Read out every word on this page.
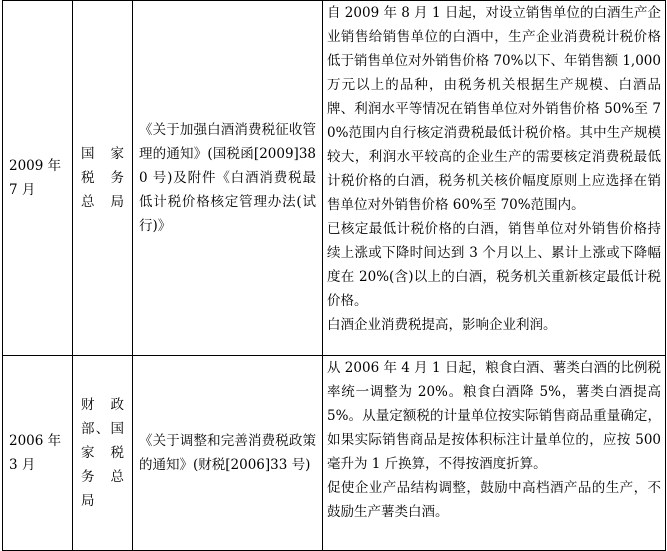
2009 年 7 月	国 家 税 务 总局	《关于加强白酒消费税征收管理的通知》(国税函[2009]380 号)及附件《白酒消费税最低计税价格核定管理办法(试行)》	自 2009 年 8 月 1 日起，对设立销售单位的白酒生产企业销售给销售单位的白酒中，生产企业消费税计税价格低于销售单位对外销售价格 70%以下、年销售额 1,000 万元以上的品种，由税务机关根据生产规模、白酒品牌、利润水平等情况在销售单位对外销售价格 50%至 70%范围内自行核定消费税最低计税价格。其中生产规模较大，利润水平较高的企业生产的需要核定消费税最低计税价格的白酒，税务机关核价幅度原则上应选择在销售单位对外销售价格 60%至 70%范围内。

已核定最低计税价格的白酒，销售单位对外销售价格持续上涨或下降时间达到 3 个月以上、累计上涨或下降幅度在 20%(含)以上的白酒，税务机关重新核定最低计税价格。

白酒企业消费税提高，影响企业利润。

2006 年 3 月	财 政 部、国 家 税 务 总 局	《关于调整和完善消费税政策的通知》(财税[2006]33 号)	从 2006 年 4 月 1 日起，粮食白酒、薯类白酒的比例税率统一调整为 20%。粮食白酒降 5%，薯类白酒提高 5%。从量定额税的计量单位按实际销售商品重量确定，如果实际销售商品是按体积标注计量单位的，应按 500 毫升为 1 斤换算，不得按酒度折算。

促使企业产品结构调整，鼓励中高档酒产品的生产，不鼓励生产薯类白酒。
